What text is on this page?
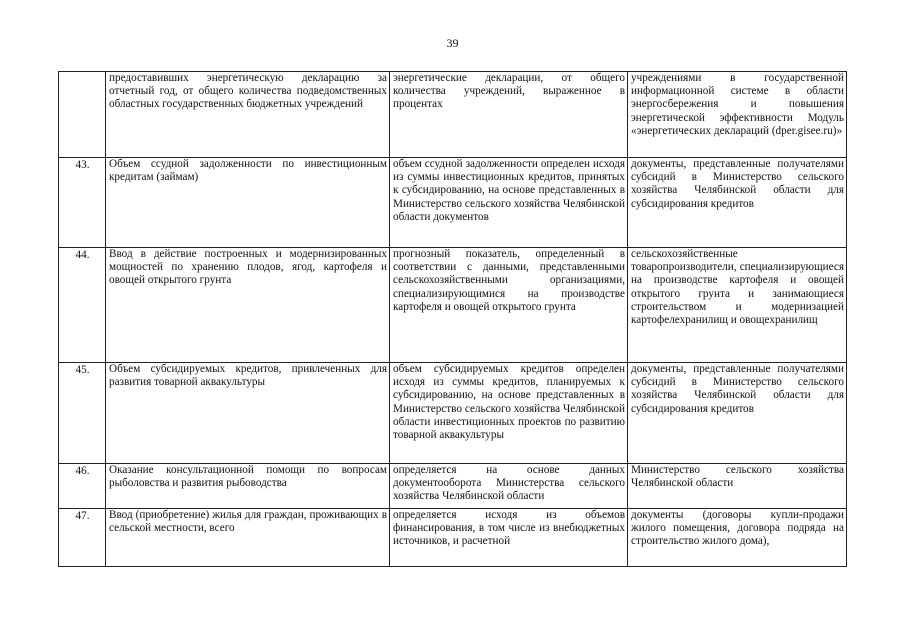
39

	предоставивших энергетическую декларацию за отчетный год, от общего количества подведомственных областных государственных бюджетных учреждений	энергетические декларации, от общего количества учреждений, выраженное в процентах	учреждениями в государственной информационной системе в области энергосбережения и повышения энергетической эффективности Модуль «энергетических деклараций (dper.gisee.ru)»

43.	Объем ссудной задолженности по инвестиционным кредитам (займам)	объем ссудной задолженности определен исходя из суммы инвестиционных кредитов, принятых к субсидированию, на основе представленных в Министерство сельского хозяйства Челябинской области документов	документы, представленные получателями субсидий в Министерство сельского хозяйства Челябинской области для субсидирования кредитов

44.	Ввод в действие построенных и модернизированных мощностей по хранению плодов, ягод, картофеля и овощей открытого грунта	прогнозный показатель, определенный в соответствии с данными, представленными сельскохозяйственными организациями, специализирующимися на производстве картофеля и овощей открытого грунта	сельскохозяйственные товаропроизводители, специализирующиеся на производстве картофеля и овощей открытого грунта и занимающиеся строительством и модернизацией картофелехранилищ и овощехранилищ

45.	Объем субсидируемых кредитов, привлеченных для развития товарной аквакультуры	объем субсидируемых кредитов определен исходя из суммы кредитов, планируемых к субсидированию, на основе представленных в Министерство сельского хозяйства Челябинской области инвестиционных проектов по развитию товарной аквакультуры	документы, представленные получателями субсидий в Министерство сельского хозяйства Челябинской области для субсидирования кредитов

46.	Оказание консультационной помощи по вопросам рыболовства и развития рыбоводства	определяется на основе данных документооборота Министерства сельского хозяйства Челябинской области	Министерство сельского хозяйства Челябинской области

47.	Ввод (приобретение) жилья для граждан, проживающих в сельской местности, всего	определяется исходя из объемов финансирования, в том числе из внебюджетных источников, и расчетной	документы (договоры купли-продажи жилого помещения, договора подряда на строительство жилого дома),
